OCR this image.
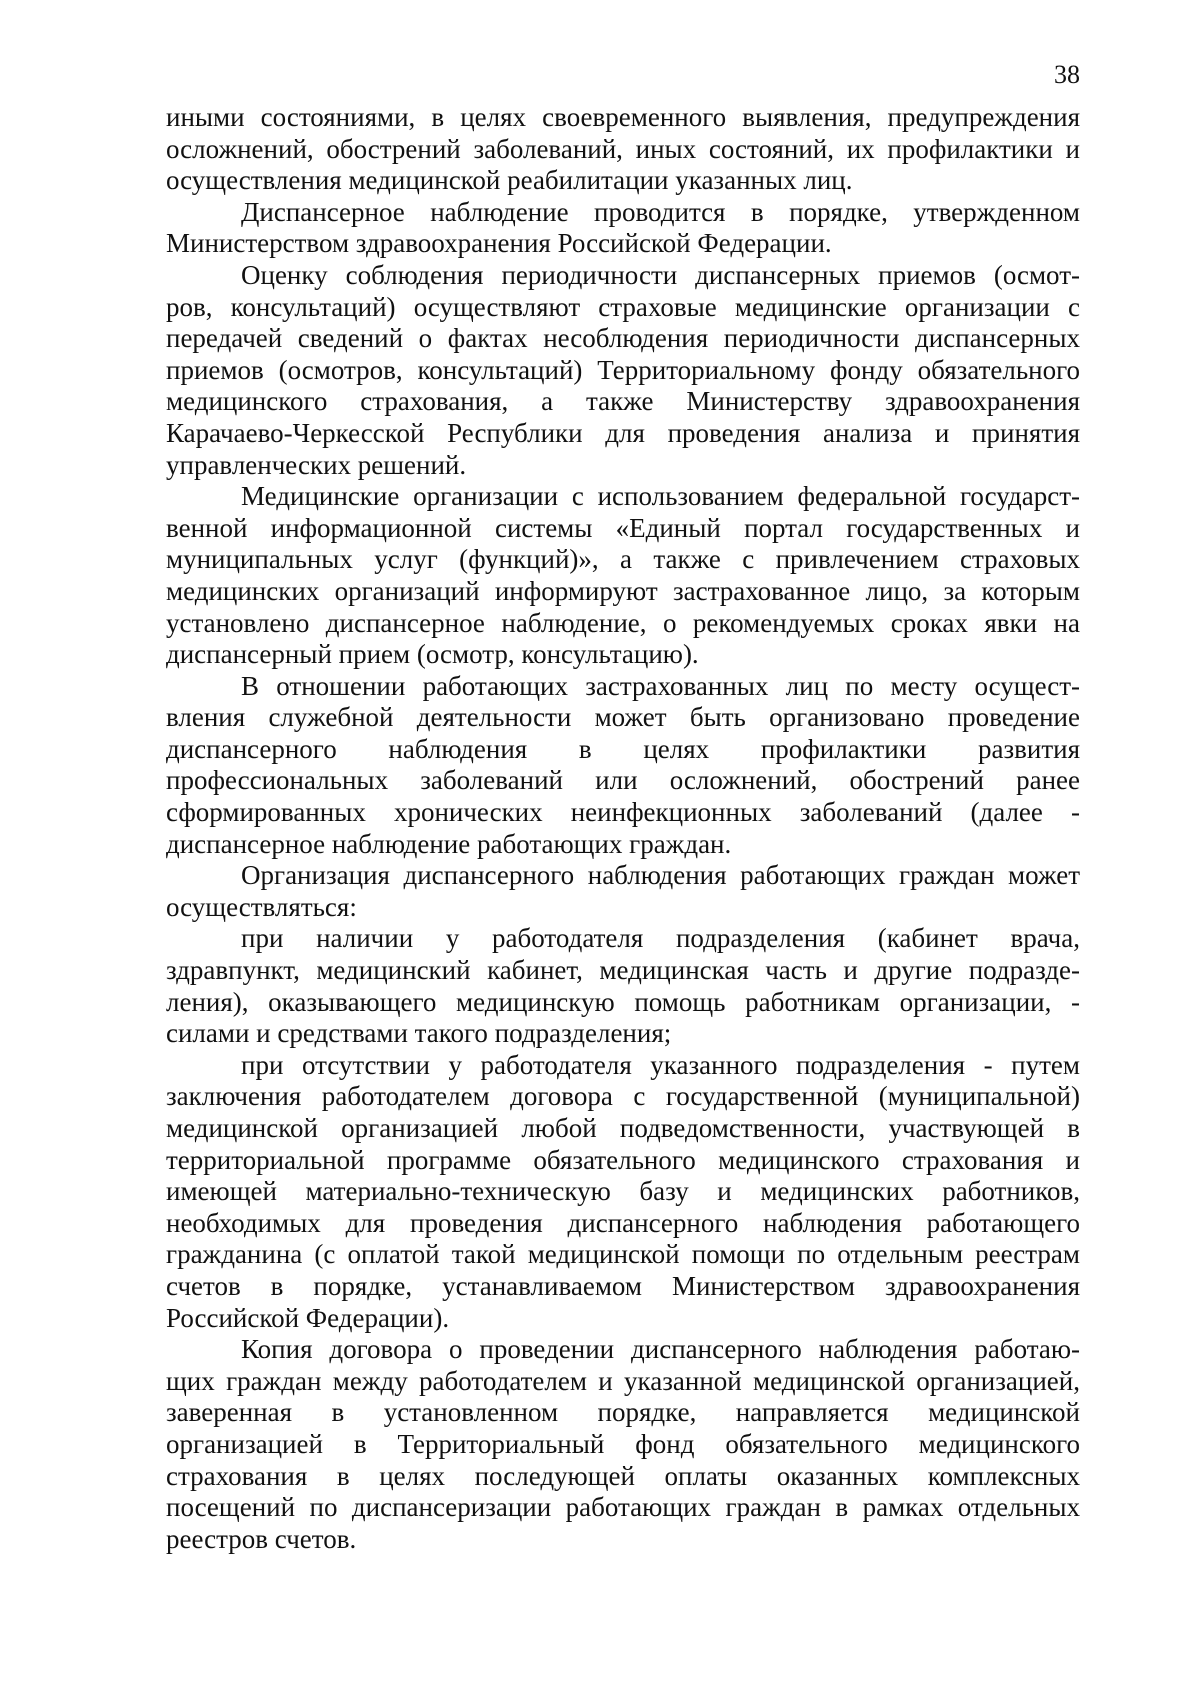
38

иными состояниями, в целях своевременного выявления, предупреждения
осложнений, обострений заболеваний, иных состояний, их профилактики и
осуществления медицинской реабилитации указанных лиц.

Диспансерное наблюдение проводится в порядке, утвержденном
Министерством здравоохранения Российской Федерации.

Оценку соблюдения периодичности диспансерных приемов (осмот-
ров, консультаций) осуществляют страховые медицинские организации с
передачей сведений о фактах несоблюдения периодичности диспансерных
приемов (осмотров, консультаций) Территориальному фонду обязательного
медицинского страхования, а также Министерству здравоохранения
Карачаево-Черкесской Республики для проведения анализа и принятия
управленческих решений.

Медицинские организации с использованием федеральной государст-
венной информационной системы «Единый портал государственных и
муниципальных услуг (функций)», а также с привлечением страховых
медицинских организаций информируют застрахованное лицо, за которым
установлено диспансерное наблюдение, о рекомендуемых сроках явки на
диспансерный прием (осмотр, консультацию).

В отношении работающих застрахованных лиц по месту осущест-
вления служебной деятельности может быть организовано проведение
диспансерного наблюдения в целях профилактики развития
профессиональных заболеваний или осложнений, обострений ранее
сформированных хронических неинфекционных заболеваний (далее -
диспансерное наблюдение работающих граждан.

Организация диспансерного наблюдения работающих граждан может
осуществляться:

при наличии у работодателя подразделения (кабинет врача,
здравпункт, медицинский кабинет, медицинская часть и другие подразде-
ления), оказывающего медицинскую помощь работникам организации, -
силами и средствами такого подразделения;

при отсутствии у работодателя указанного подразделения - путем
заключения работодателем договора с государственной (муниципальной)
медицинской организацией любой подведомственности, участвующей в
территориальной программе обязательного медицинского страхования и
имеющей материально-техническую базу и медицинских работников,
необходимых для проведения диспансерного наблюдения работающего
гражданина (с оплатой такой медицинской помощи по отдельным реестрам
счетов в порядке, устанавливаемом Министерством здравоохранения
Российской Федерации).

Копия договора о проведении диспансерного наблюдения работаю-
щих граждан между работодателем и указанной медицинской организацией,
заверенная в установленном порядке, направляется медицинской
организацией в Территориальный фонд обязательного медицинского
страхования в целях последующей оплаты оказанных комплексных
посещений по диспансеризации работающих граждан в рамках отдельных
реестров счетов.
